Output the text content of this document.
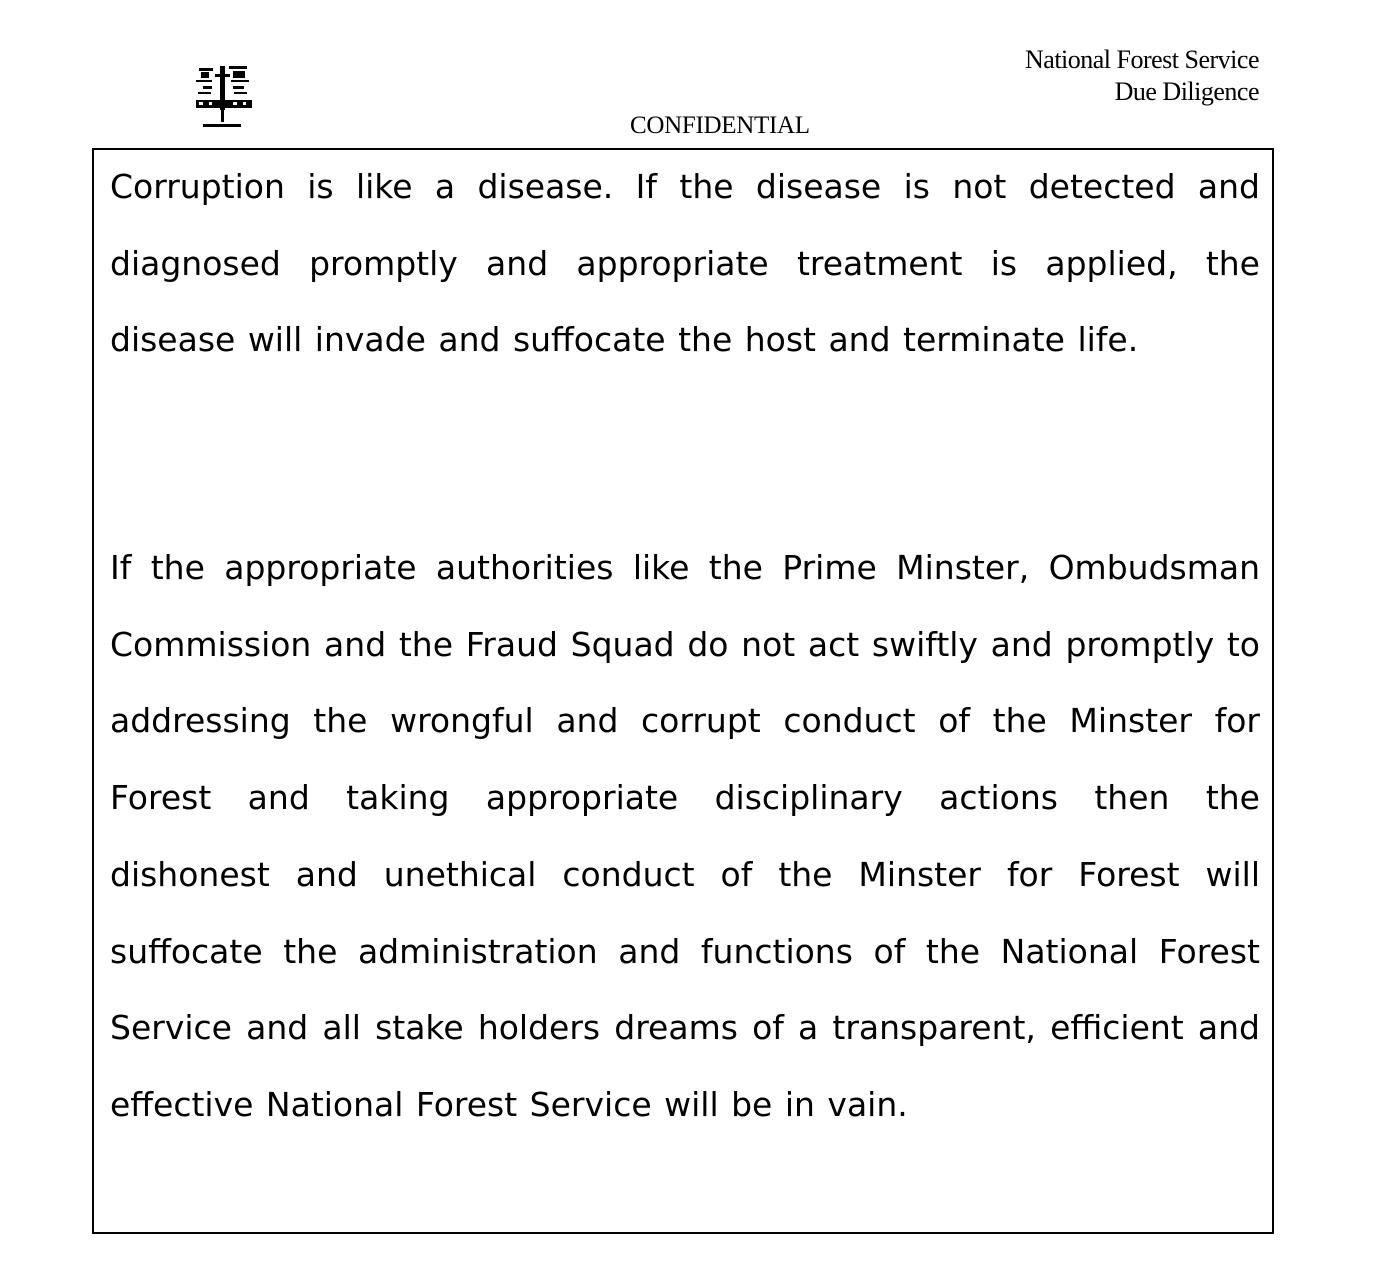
National Forest Service
Due Diligence
CONFIDENTIAL

Corruption is like a disease. If the disease is not detected and diagnosed promptly and appropriate treatment is applied, the disease will invade and suffocate the host and terminate life.

If the appropriate authorities like the Prime Minster, Ombudsman Commission and the Fraud Squad do not act swiftly and promptly to addressing the wrongful and corrupt conduct of the Minster for Forest and taking appropriate disciplinary actions then the dishonest and unethical conduct of the Minster for Forest will suffocate the administration and functions of the National Forest Service and all stake holders dreams of a transparent, efficient and effective National Forest Service will be in vain.
